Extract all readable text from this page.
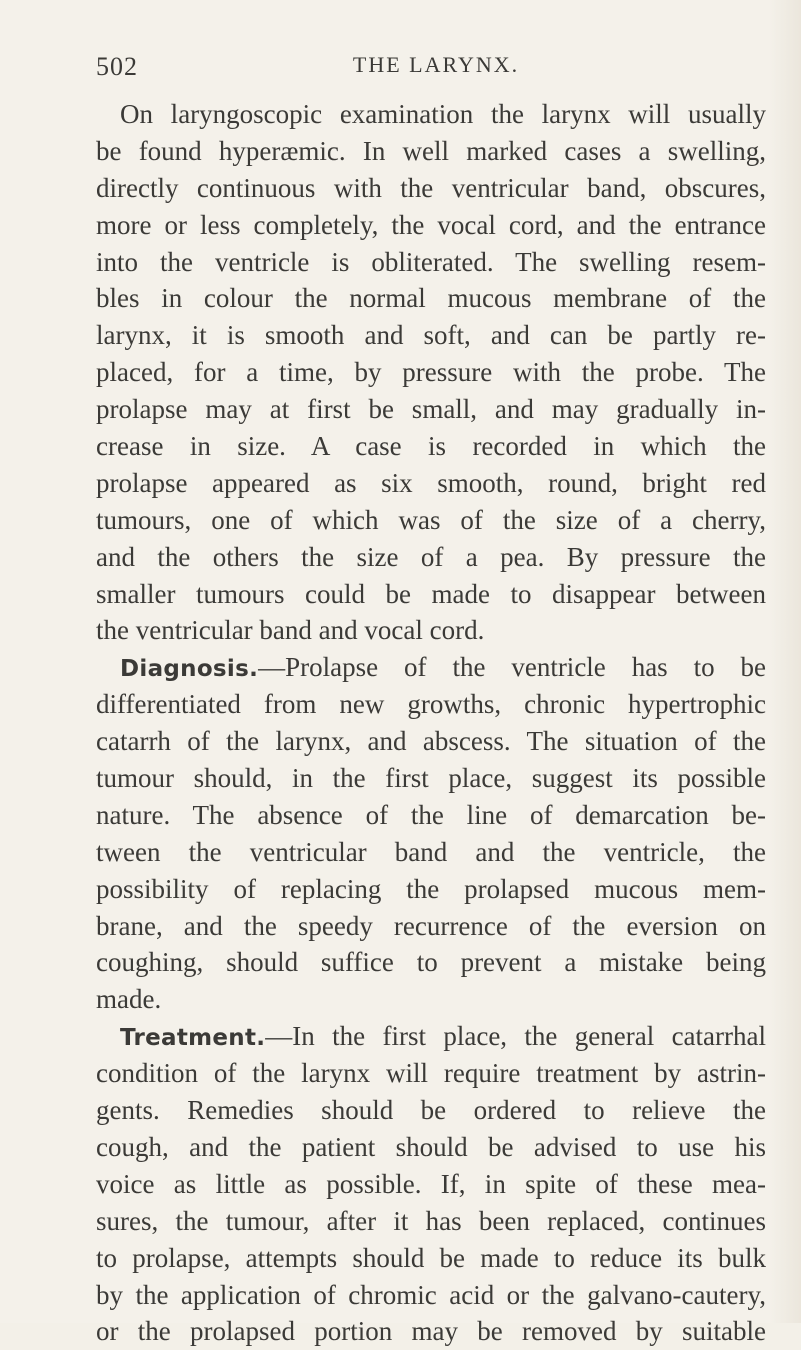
502	THE LARYNX.
On laryngoscopic examination the larynx will usually
be found hyperæmic. In well marked cases a swelling,
directly continuous with the ventricular band, obscures,
more or less completely, the vocal cord, and the entrance
into the ventricle is obliterated. The swelling resem-
bles in colour the normal mucous membrane of the
larynx, it is smooth and soft, and can be partly re-
placed, for a time, by pressure with the probe. The
prolapse may at first be small, and may gradually in-
crease in size. A case is recorded in which the
prolapse appeared as six smooth, round, bright red
tumours, one of which was of the size of a cherry,
and the others the size of a pea. By pressure the
smaller tumours could be made to disappear between
the ventricular band and vocal cord.
Diagnosis.—Prolapse of the ventricle has to be
differentiated from new growths, chronic hypertrophic
catarrh of the larynx, and abscess. The situation of the
tumour should, in the first place, suggest its possible
nature. The absence of the line of demarcation be-
tween the ventricular band and the ventricle, the
possibility of replacing the prolapsed mucous mem-
brane, and the speedy recurrence of the eversion on
coughing, should suffice to prevent a mistake being
made.
Treatment.—In the first place, the general catarrhal
condition of the larynx will require treatment by astrin-
gents. Remedies should be ordered to relieve the
cough, and the patient should be advised to use his
voice as little as possible. If, in spite of these mea-
sures, the tumour, after it has been replaced, continues
to prolapse, attempts should be made to reduce its bulk
by the application of chromic acid or the galvano-cautery,
or the prolapsed portion may be removed by suitable
